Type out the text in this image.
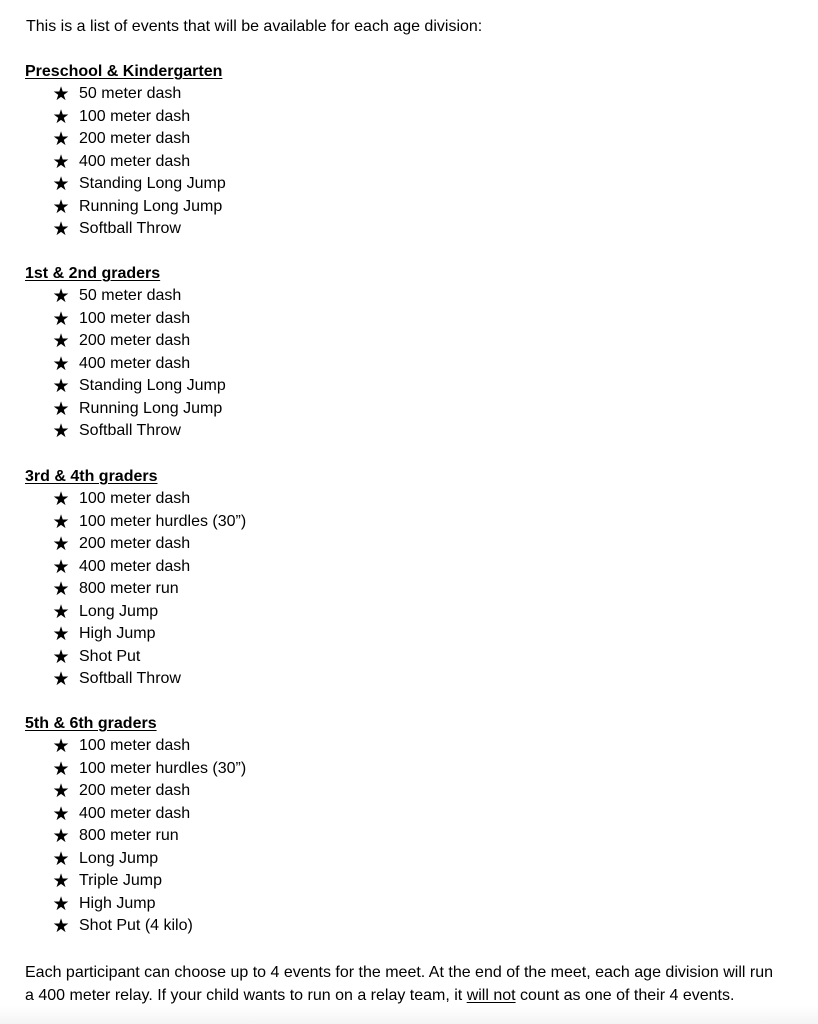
This is a list of events that will be available for each age division:
Preschool & Kindergarten
★ 50 meter dash
★ 100 meter dash
★ 200 meter dash
★ 400 meter dash
★ Standing Long Jump
★ Running Long Jump
★ Softball Throw
1st & 2nd graders
★ 50 meter dash
★ 100 meter dash
★ 200 meter dash
★ 400 meter dash
★ Standing Long Jump
★ Running Long Jump
★ Softball Throw
3rd & 4th graders
★ 100 meter dash
★ 100 meter hurdles (30”)
★ 200 meter dash
★ 400 meter dash
★ 800 meter run
★ Long Jump
★ High Jump
★ Shot Put
★ Softball Throw
5th & 6th graders
★ 100 meter dash
★ 100 meter hurdles (30”)
★ 200 meter dash
★ 400 meter dash
★ 800 meter run
★ Long Jump
★ Triple Jump
★ High Jump
★ Shot Put (4 kilo)

Each participant can choose up to 4 events for the meet. At the end of the meet, each age division will run

a 400 meter relay. If your child wants to run on a relay team, it will not count as one of their 4 events.
